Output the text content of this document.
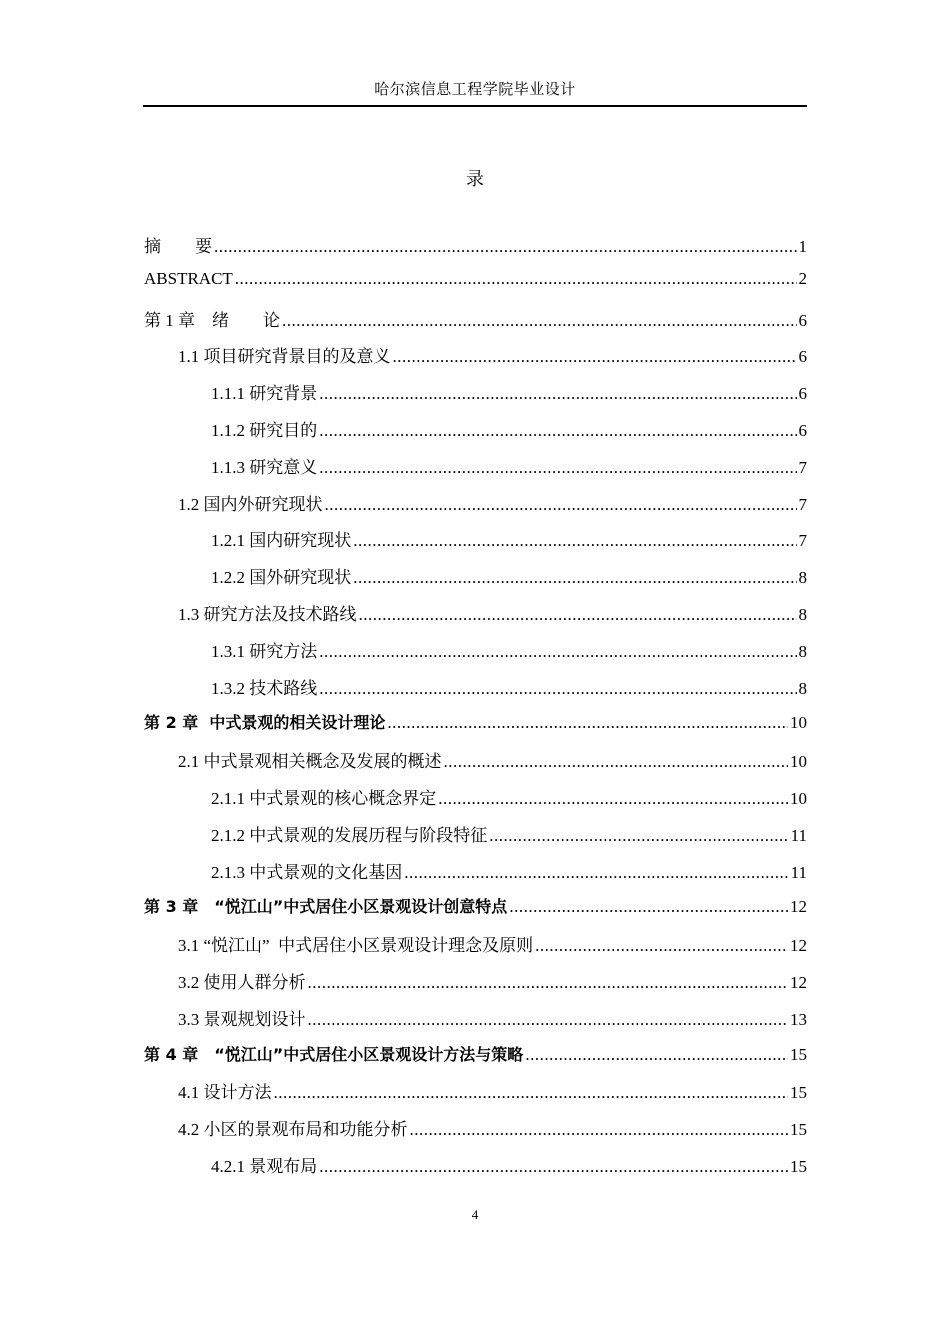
哈尔滨信息工程学院毕业设计
录
摘　　要 .....	1
ABSTRACT .....	2
第 1 章　绪　　论 .....	6
1.1 项目研究背景目的及意义 .....	6
1.1.1 研究背景 .....	6
1.1.2 研究目的 .....	6
1.1.3 研究意义 .....	7
1.2 国内外研究现状 .....	7
1.2.1 国内研究现状 .....	7
1.2.2 国外研究现状 .....	8
1.3 研究方法及技术路线 .....	8
1.3.1 研究方法 .....	8
1.3.2 技术路线 .....	8
第 2 章  中式景观的相关设计理论 .....	10
2.1 中式景观相关概念及发展的概述 .....	10
2.1.1 中式景观的核心概念界定 .....	10
2.1.2 中式景观的发展历程与阶段特征 .....	11
2.1.3 中式景观的文化基因 .....	11
第 3 章　“悦江山”中式居住小区景观设计创意特点 .....	12
3.1 “悦江山”  中式居住小区景观设计理念及原则 .....	12
3.2 使用人群分析 .....	12
3.3 景观规划设计 .....	13
第 4 章　“悦江山”中式居住小区景观设计方法与策略 .....	15
4.1 设计方法 .....	15
4.2 小区的景观布局和功能分析 .....	15
4.2.1 景观布局 .....	15
4
